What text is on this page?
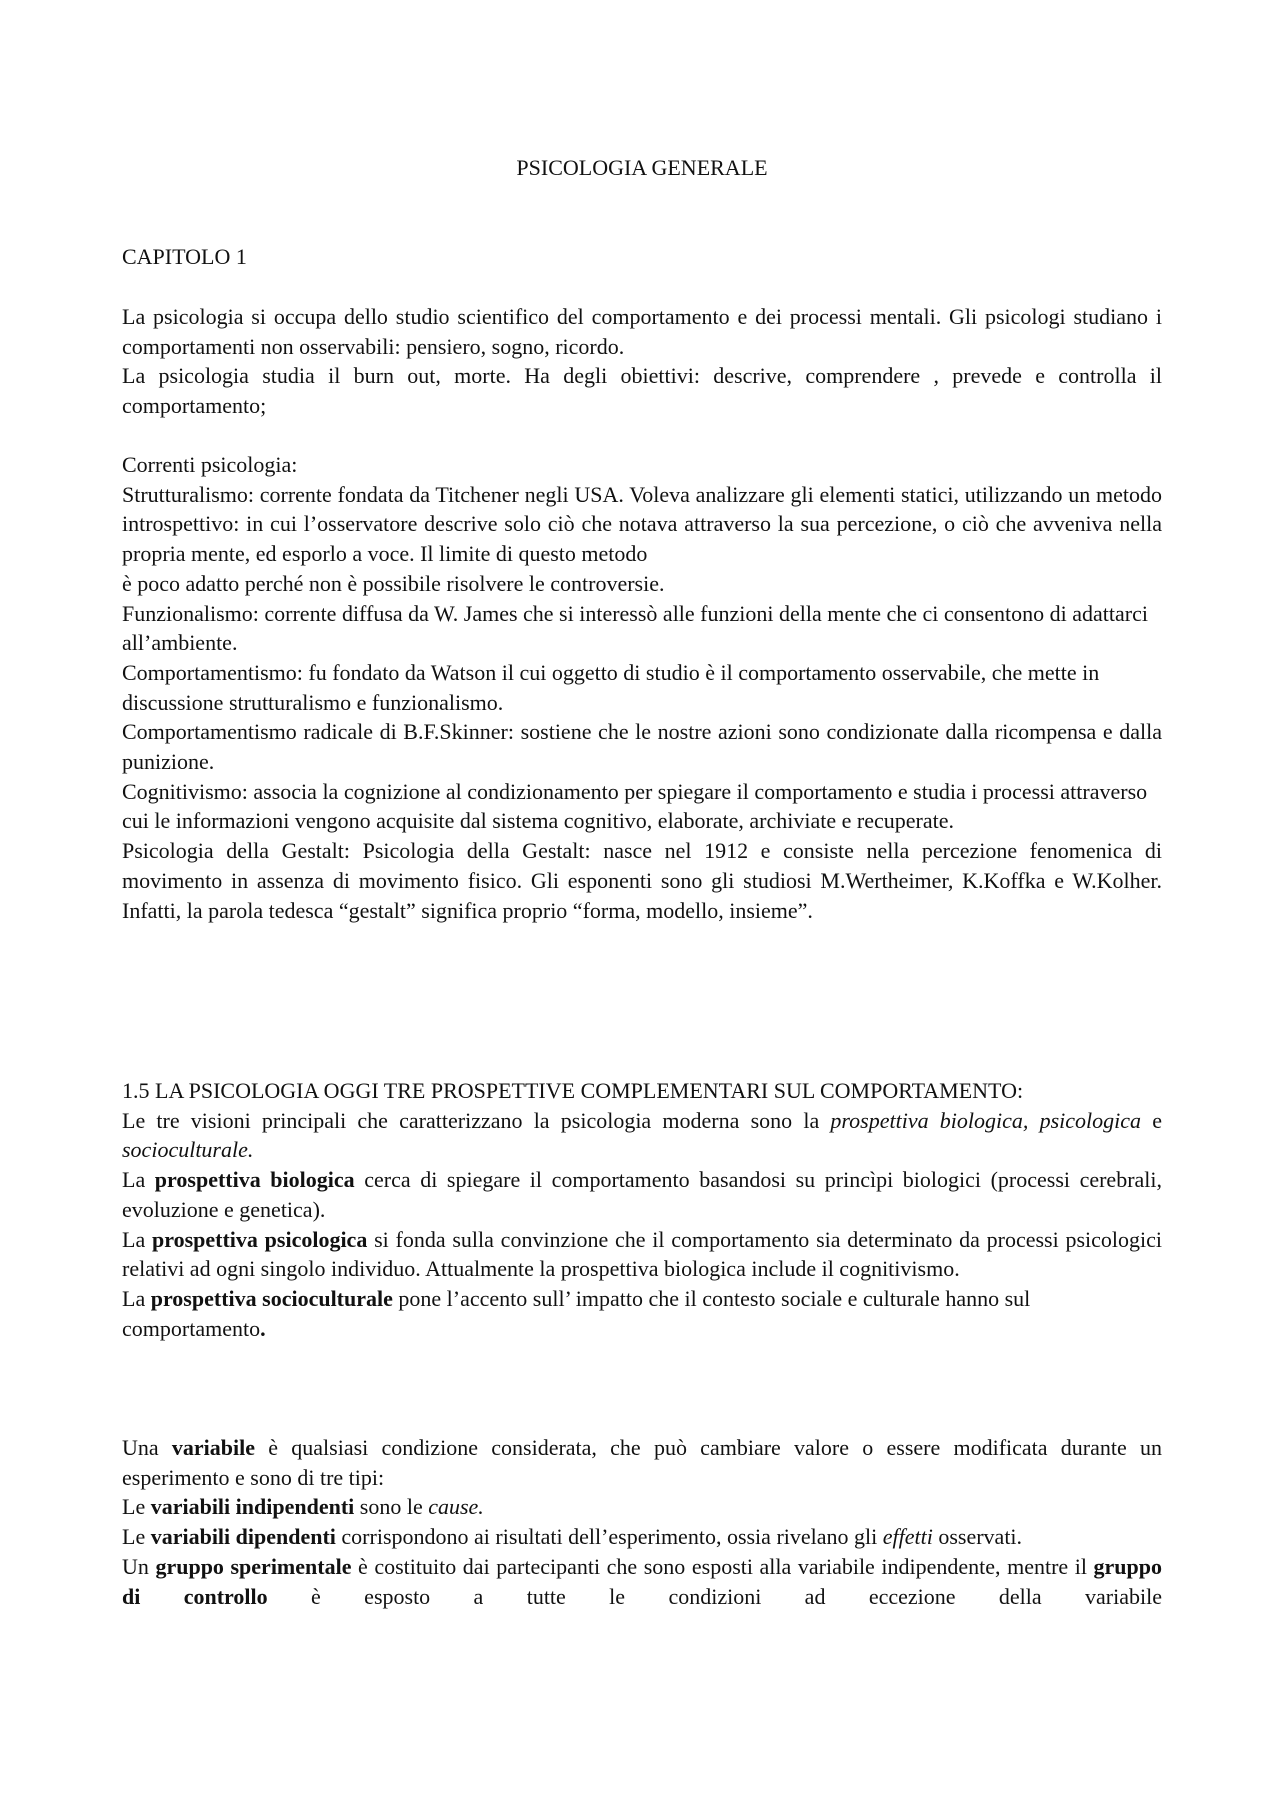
PSICOLOGIA GENERALE

CAPITOLO 1

La psicologia si occupa dello studio scientifico del comportamento e dei processi mentali. Gli psicologi studiano i comportamenti non osservabili: pensiero, sogno, ricordo.

La psicologia studia il burn out, morte. Ha degli obiettivi: descrive, comprendere , prevede e controlla il comportamento;

Correnti psicologia:

Strutturalismo: corrente fondata da Titchener negli USA. Voleva analizzare gli elementi statici, utilizzando un metodo introspettivo: in cui l’osservatore descrive solo ciò che notava attraverso la sua percezione, o ciò che avveniva nella propria mente, ed esporlo a voce. Il limite di questo metodo

è poco adatto perché non è possibile risolvere le controversie.

Funzionalismo: corrente diffusa da W. James che si interessò alle funzioni della mente che ci consentono di adattarci all’ambiente.

Comportamentismo: fu fondato da Watson il cui oggetto di studio è il comportamento osservabile, che mette in discussione strutturalismo e funzionalismo.

Comportamentismo radicale di B.F.Skinner: sostiene che le nostre azioni sono condizionate dalla ricompensa e dalla punizione.

Cognitivismo: associa la cognizione al condizionamento per spiegare il comportamento e studia i processi attraverso cui le informazioni vengono acquisite dal sistema cognitivo, elaborate, archiviate e recuperate.

Psicologia della Gestalt: Psicologia della Gestalt: nasce nel 1912 e consiste nella percezione fenomenica di movimento in assenza di movimento fisico. Gli esponenti sono gli studiosi M.Wertheimer, K.Koffka e W.Kolher. Infatti, la parola tedesca “gestalt” significa proprio “forma, modello, insieme”.

1.5 LA PSICOLOGIA OGGI TRE PROSPETTIVE COMPLEMENTARI SUL COMPORTAMENTO:

Le tre visioni principali che caratterizzano la psicologia moderna sono la prospettiva biologica, psicologica e socioculturale.

La prospettiva biologica cerca di spiegare il comportamento basandosi su princìpi biologici (processi cerebrali, evoluzione e genetica).

La prospettiva psicologica si fonda sulla convinzione che il comportamento sia determinato da processi psicologici relativi ad ogni singolo individuo. Attualmente la prospettiva biologica include il cognitivismo.

La prospettiva socioculturale pone l’accento sull’ impatto che il contesto sociale e culturale hanno sul comportamento.

Una variabile è qualsiasi condizione considerata, che può cambiare valore o essere modificata durante un esperimento e sono di tre tipi:

Le variabili indipendenti sono le cause.

Le variabili dipendenti corrispondono ai risultati dell’esperimento, ossia rivelano gli effetti osservati.

Un gruppo sperimentale è costituito dai partecipanti che sono esposti alla variabile indipendente, mentre il gruppo di controllo è esposto a tutte le condizioni ad eccezione della variabile
